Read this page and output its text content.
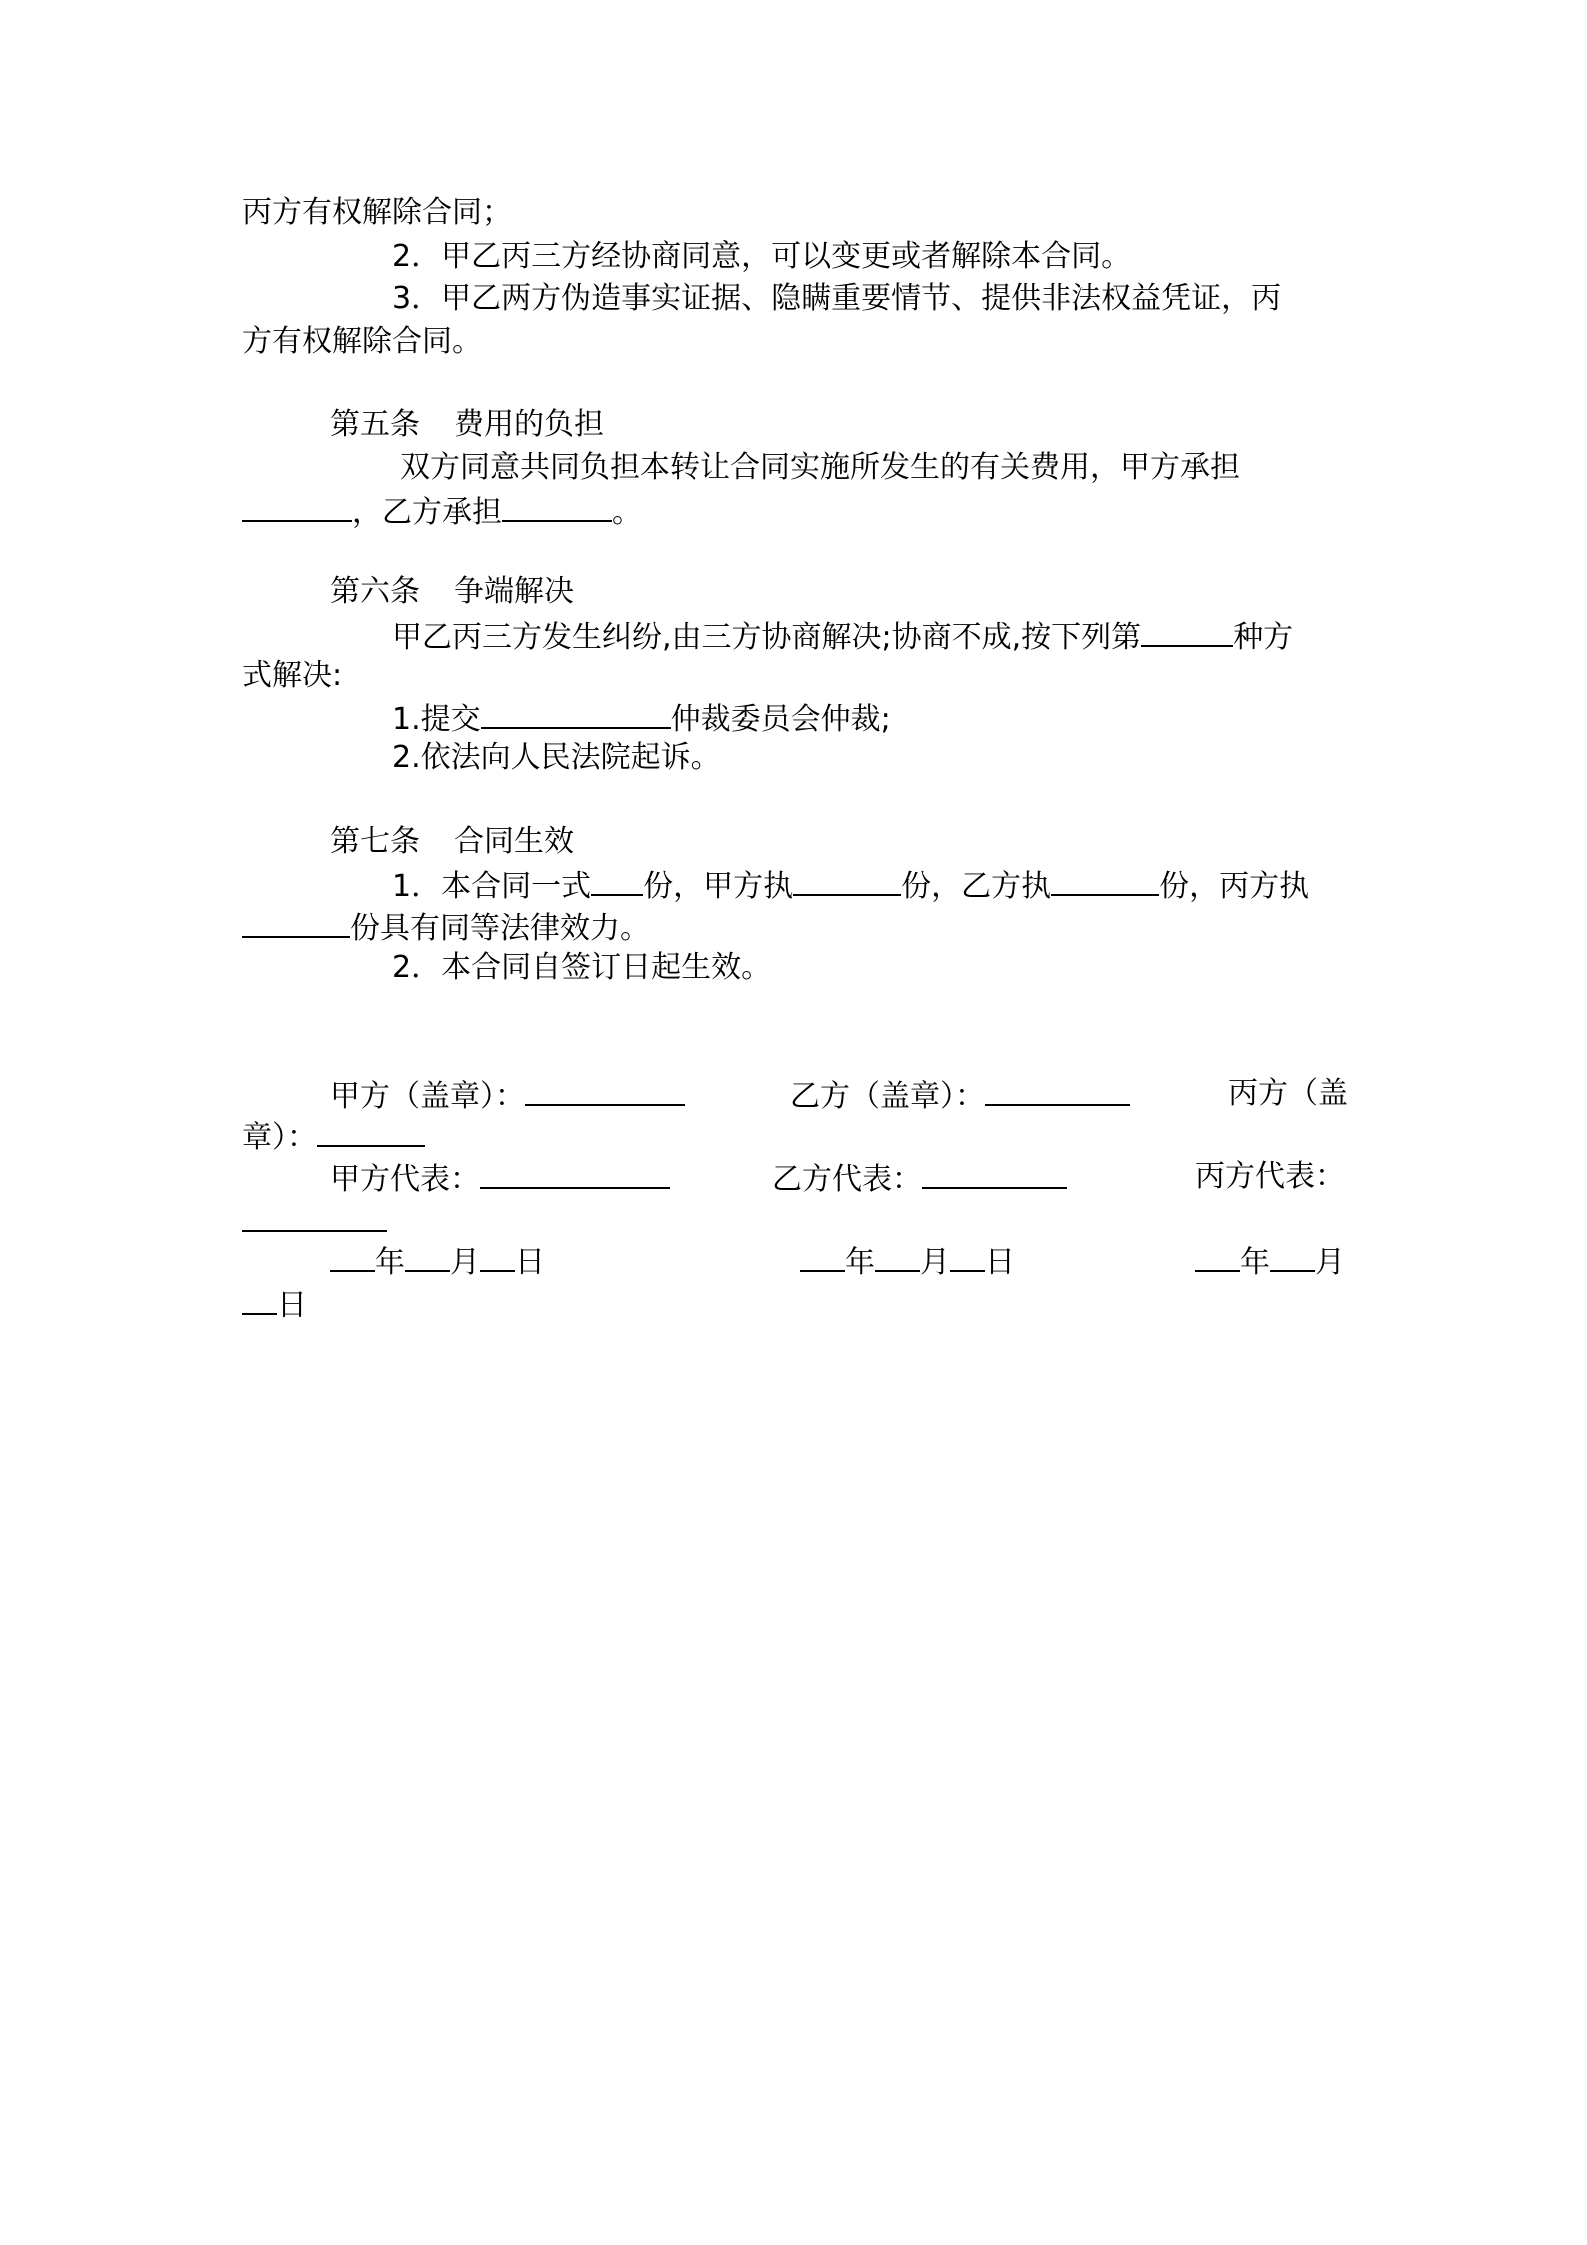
丙方有权解除合同；
2．甲乙丙三方经协商同意，可以变更或者解除本合同。
3．甲乙两方伪造事实证据、隐瞒重要情节、提供非法权益凭证，丙
方有权解除合同。
第五条 费用的负担
双方同意共同负担本转让合同实施所发生的有关费用，甲方承担
，乙方承担	。
第六条 争端解决
甲乙丙三方发生纠纷,由三方协商解决;协商不成,按下列第	种方
式解决:
1.提交	仲裁委员会仲裁;
2.依法向人民法院起诉。
第七条 合同生效
1．本合同一式 份，甲方执	份，乙方执	份，丙方执
份具有同等法律效力。
2．本合同自签订日起生效。
甲方（盖章）：	乙方（盖章）：	丙方（盖
章）：
甲方代表：	乙方代表：	丙方代表：
年 月 日	年 月 日	年 月
日
